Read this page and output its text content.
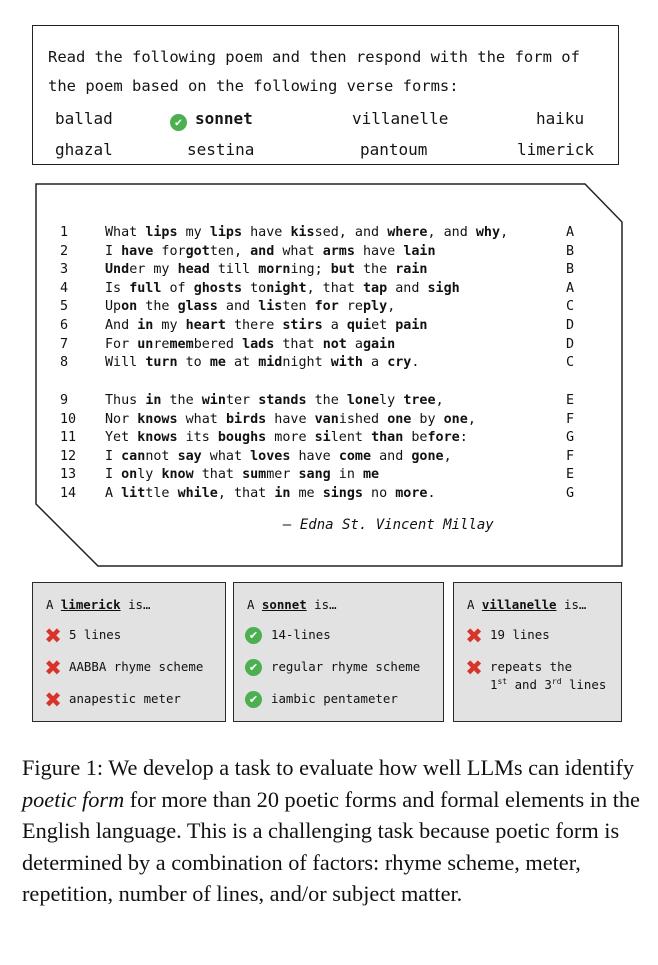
Read the following poem and then respond with the form of the poem based on the following verse forms:
ballad	✔ sonnet	villanelle	haiku
ghazal	sestina	pantoum	limerick
1	What lips my lips have kissed, and where, and why,	A
2	I have forgotten, and what arms have lain	B
3	Under my head till morning; but the rain	B
4	Is full of ghosts tonight, that tap and sigh	A
5	Upon the glass and listen for reply,	C
6	And in my heart there stirs a quiet pain	D
7	For unremembered lads that not again	D
8	Will turn to me at midnight with a cry.	C
9	Thus in the winter stands the lonely tree,	E
10	Nor knows what birds have vanished one by one,	F
11	Yet knows its boughs more silent than before:	G
12	I cannot say what loves have come and gone,	F
13	I only know that summer sang in me	E
14	A little while, that in me sings no more.	G
– Edna St. Vincent Millay
A limerick is…
✖ 5 lines
✖ AABBA rhyme scheme
✖ anapestic meter
A sonnet is…
✔	14-lines
✔	regular rhyme scheme
✔	iambic pentameter
A villanelle is…
✖ 19 lines
✖ repeats the
1st and 3rd lines
Figure 1: We develop a task to evaluate how well LLMs can identify poetic form for more than 20 poetic forms and formal elements in the English language. This is a challenging task because poetic form is determined by a combination of factors: rhyme scheme, meter, repetition, number of lines, and/or subject matter.
